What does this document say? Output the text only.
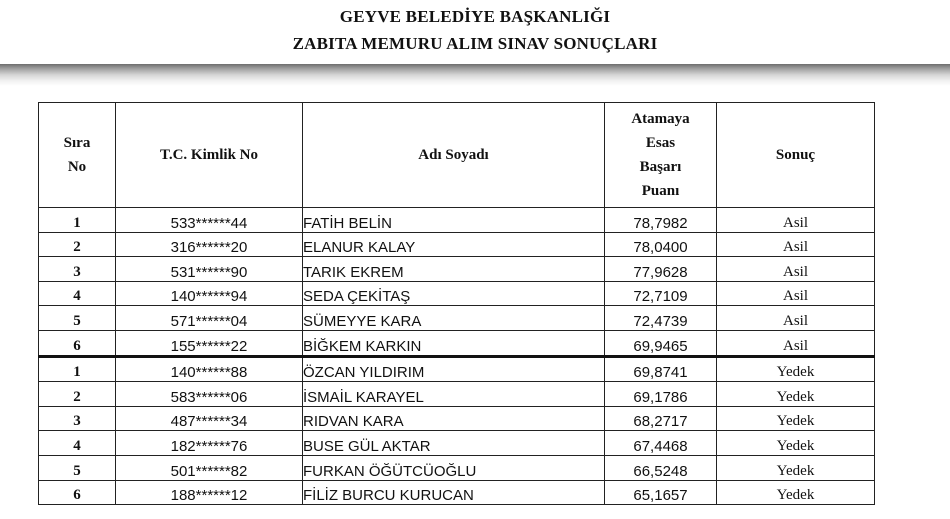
GEYVE BELEDİYE BAŞKANLIĞI
ZABITA MEMURU ALIM SINAV SONUÇLARI
Sıra
No	T.C. Kimlik No	Adı Soyadı	Atamaya
Esas
Başarı
Puanı	Sonuç
1	533******44	FATİH BELİN	78,7982	Asil
2	316******20	ELANUR KALAY	78,0400	Asil
3	531******90	TARIK EKREM	77,9628	Asil
4	140******94	SEDA ÇEKİTAŞ	72,7109	Asil
5	571******04	SÜMEYYE KARA	72,4739	Asil
6	155******22	BİĞKEM KARKIN	69,9465	Asil
1	140******88	ÖZCAN YILDIRIM	69,8741	Yedek
2	583******06	İSMAİL KARAYEL	69,1786	Yedek
3	487******34	RIDVAN KARA	68,2717	Yedek
4	182******76	BUSE GÜL AKTAR	67,4468	Yedek
5	501******82	FURKAN ÖĞÜTCÜOĞLU	66,5248	Yedek
6	188******12	FİLİZ BURCU KURUCAN	65,1657	Yedek
